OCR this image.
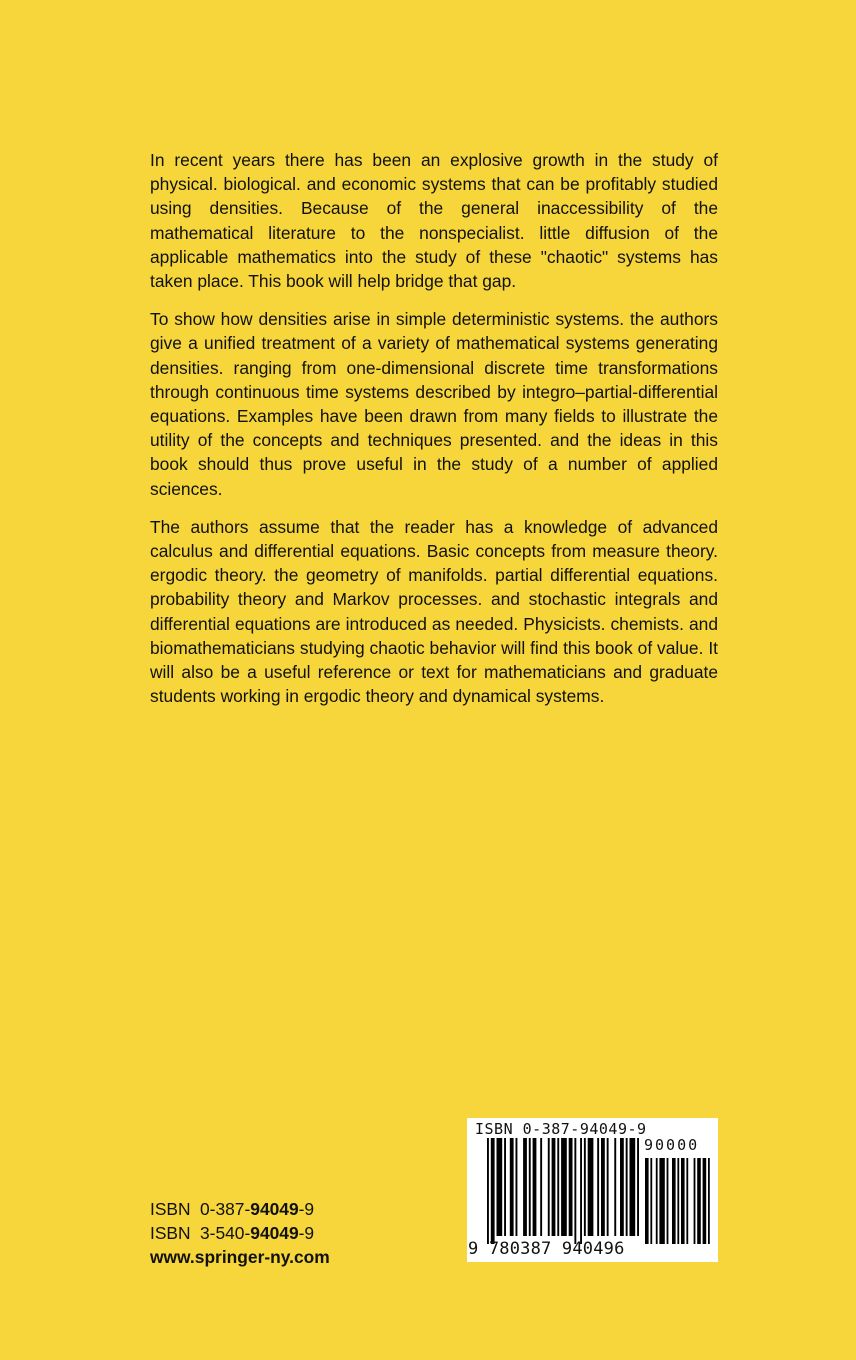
In recent years there has been an explosive growth in the study of physical. biological. and economic systems that can be profitably studied using densities. Because of the general inaccessibility of the mathematical literature to the nonspecialist. little diffusion of the applicable mathematics into the study of these "chaotic" systems has taken place. This book will help bridge that gap.

To show how densities arise in simple deterministic systems. the authors give a unified treatment of a variety of mathematical systems generating densities. ranging from one-dimensional discrete time transformations through continuous time systems described by integro–partial-differential equations. Examples have been drawn from many fields to illustrate the utility of the concepts and techniques presented. and the ideas in this book should thus prove useful in the study of a number of applied sciences.

The authors assume that the reader has a knowledge of advanced calculus and differential equations. Basic concepts from measure theory. ergodic theory. the geometry of manifolds. partial differential equations. probability theory and Markov processes. and stochastic integrals and differential equations are introduced as needed. Physicists. chemists. and biomathematicians studying chaotic behavior will find this book of value. It will also be a useful reference or text for mathematicians and graduate students working in ergodic theory and dynamical systems.

ISBN 0-387- 94049 -9
ISBN 3-540- 94049 -9
www.springer-ny.com
ISBN 0-387-94049-9
90000
9 780387 940496
